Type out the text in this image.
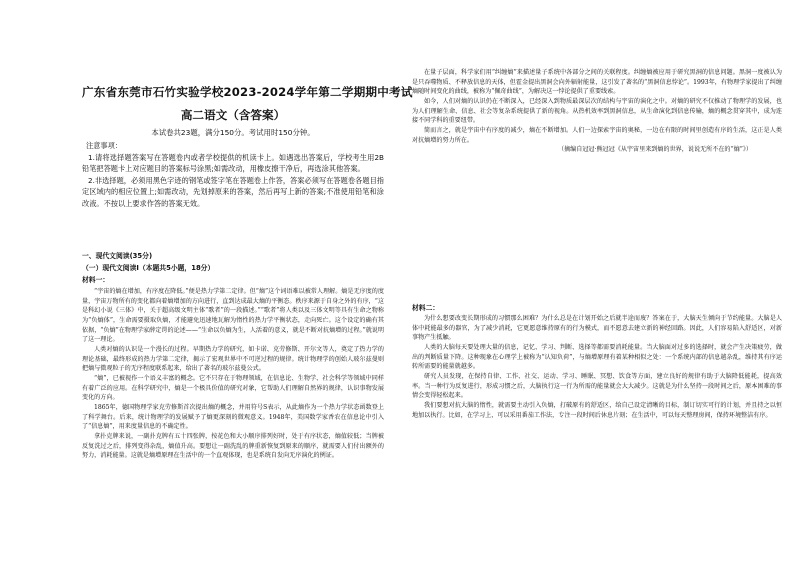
广东省东莞市石竹实验学校2023-2024学年第二学期期中考试
高二语文（含答案）
本试卷共23题，满分150分。考试用时150分钟。

注意事项：

1.请将选择题答案写在答题卷内或者学校提供的机读卡上。如遇选出答案后，学校考生用2B铅笔把答题卡上对应题目的答案标号涂黑;如需改动，用橡皮擦干净后，再选涂其他答案。

2.非选择题，必须用黑色字迹的钢笔或签字笔在答题卷上作答，答案必须写在答题卷各题目指定区域内的相应位置上;如需改动，先划掉原来的答案，然后再写上新的答案;不准使用铅笔和涂改液。不按以上要求作答的答案无效。

一、现代文阅读(35分)
（一）现代文阅读Ⅰ（本题共5小题，18分）
材料一：

“宇宙的熵在增加，有序度在降低。”便是热力学第二定律。但“熵”这个词语难以被常人理解。熵是无序度的度量，宇宙万物所有的变化都向着熵增加的方向进行，直到达成最大熵的平衡态。秩序来源于自身之外的有序，“这是科幻小说《三体》中，关于超高级文明主体“歌者”的一段描述。”“歌者”将人类以及三体文明等具有生命之物称为“负熵体”，生命需要摄取负熵，才能避免迅速地瓦解为惰性的热力学平衡状态，走向死亡。这个设定的确有其依据，“负熵”在物理学家薛定谔的论述——“生命以负熵为生，人活着的意义，就是不断对抗熵增的过程。”就说明了这一理论。

人类对熵的认识是一个漫长的过程。早期热力学的研究，如卡诺、克劳修斯、开尔文等人，奠定了热力学的理论基础，最终形成的热力学第二定律，揭示了宏观世界中不可逆过程的规律。统计物理学的创始人玻尔兹曼则把熵与微观粒子的无序程度联系起来，给出了著名的玻尔兹曼公式。

“熵”，已被视作一个语义丰富的概念。它不只存在于物理领域，在信息论、生物学、社会科学等领域中同样有着广泛的应用。在科学研究中，熵是一个极具价值的研究对象，它帮助人们理解自然界的规律，认识事物发展变化的方向。

1865年，德国物理学家克劳修斯首次提出熵的概念，并用符号S表示，从此熵作为一个热力学状态函数登上了科学舞台。后来，统计物理学的发展赋予了熵更深刻的微观意义。1948年，美国数学家香农在信息论中引入了“信息熵”，用来度量信息的不确定性。

拿扑克牌来说，一副扑克牌有五十四张牌，按花色和大小顺序排列好时，处于有序状态，熵值较低；当牌被反复洗过之后，排列变得杂乱，熵值升高。要想让一副洗乱的牌重新恢复到原来的顺序，就需要人们付出额外的努力，消耗能量。这就是熵增原理在生活中的一个直观体现，也是系统自发向无序演化的例证。

在量子层面，科学家们用“纠缠熵”来描述量子系统中各部分之间的关联程度。纠缠熵被应用于研究黑洞的信息问题。黑洞一度被认为是只吞噬物质、不释放信息的天体，但霍金提出黑洞会向外辐射能量，这引发了著名的“黑洞信息悖论”。1993年，有物理学家提出了纠缠熵随时间变化的曲线，被称为“佩奇曲线”，为解决这一悖论提供了重要线索。

如今，人们对熵的认识仍在不断深入，已经深入到物质最深层次的结构与宇宙的演化之中。对熵的研究不仅推动了物理学的发展，也为人们理解生命、信息、社会等复杂系统提供了新的视角。从热机效率到黑洞信息，从生命演化到信息传输，熵的概念贯穿其中，成为连接不同学科的重要纽带。

简而言之，就是宇宙中有序度的减少，熵在不断增加。人们一边探索宇宙的奥秘，一边在有限的时间里创造有序的生活，这正是人类对抗熵增的努力所在。

（摘编自冠冠·熊冠冠《从宇宙里来到熵的世界，说说无所不在的“熵”》）

材料二：

为什么想要改变长期形成的习惯那么困难？为什么总是在计划开始之后就半途而废？答案在于，大脑天生倾向于节约能量。大脑是人体中耗能最多的器官，为了减少消耗，它更愿意维持原有的行为模式，而不愿意去建立新的神经回路。因此，人们容易陷入舒适区，对新事物产生抵触。

人类的大脑每天要处理大量的信息，记忆、学习、判断、选择等都需要消耗能量。当大脑面对过多的选择时，就会产生决策疲劳，做出的判断质量下降。这种现象在心理学上被称为“认知负荷”，与熵增原理有着某种相似之处：一个系统内部的信息越杂乱，维持其有序运转所需要的能量就越多。

研究人员发现，在保持自律、工作、社交、运动、学习、睡眠、冥想、饮食等方面，建立良好的规律有助于大脑降低能耗，提高效率。当一种行为反复进行，形成习惯之后，大脑执行这一行为所需的能量就会大大减少。这就是为什么坚持一段时间之后，原本困难的事情会变得轻松起来。

我们要想对抗大脑的惰性，就需要主动引入负熵，打破原有的舒适区，给自己设定清晰的目标，制订切实可行的计划，并且持之以恒地加以执行。比如，在学习上，可以采用番茄工作法，专注一段时间后休息片刻；在生活中，可以每天整理房间，保持环境整洁有序。
